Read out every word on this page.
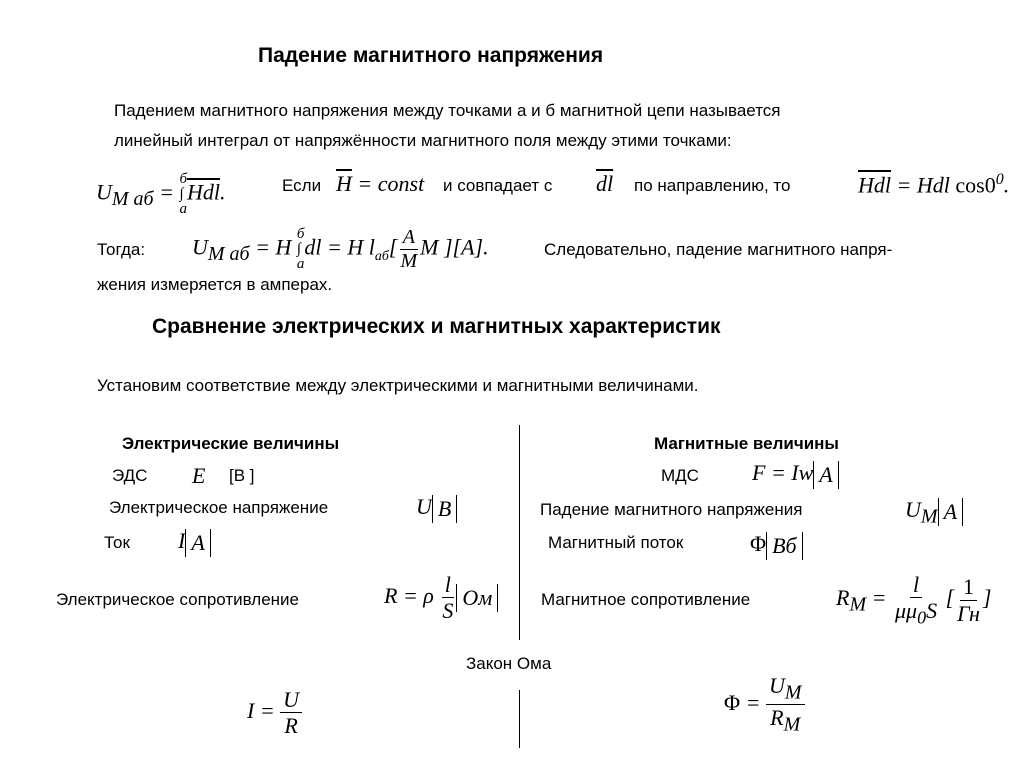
Падение магнитного напряжения
Падением магнитного напряжения между точками а и б магнитной цепи называется
линейный интеграл от напряжённости магнитного поля между этими точками:
$U_{М аб}$ =
б
∫
а
$\overline{H}\overline{dl}$.	Если $\overline{H}$ = const и совпадает с $\overline{dl}$ по направлению, то	$\overline{H}\overline{dl}$ = Hdl $\cos 0^0$.
Тогда: $U_{М аб} = H$
б
∫
а
dl = H $l_{аб}[ \frac{A}{M}$ M ][A].	Следовательно, падение магнитного напря-
жения измеряется в амперах.
Сравнение электрических и магнитных характеристик
Установим соответствие между электрическими и магнитными величинами.
Электрические величины	Магнитные величины
ЭДС E [В ]	МДС F = Iw A
Электрическое напряжение	U B	Падение магнитного напряжения	$U_M$ A
Ток I A	Магнитный поток	Φ Bб
Электрическое сопротивление	R = ρ $\frac{l}{S}$ Oм	Магнитное сопротивление	$R_M = \frac{l}{\mu\mu_0S}$ [ $\frac{1}{Гн}$ ]
Закон Ома
$I = \frac{U}{R}$	$\Phi = \frac{U_M}{R_M}$
